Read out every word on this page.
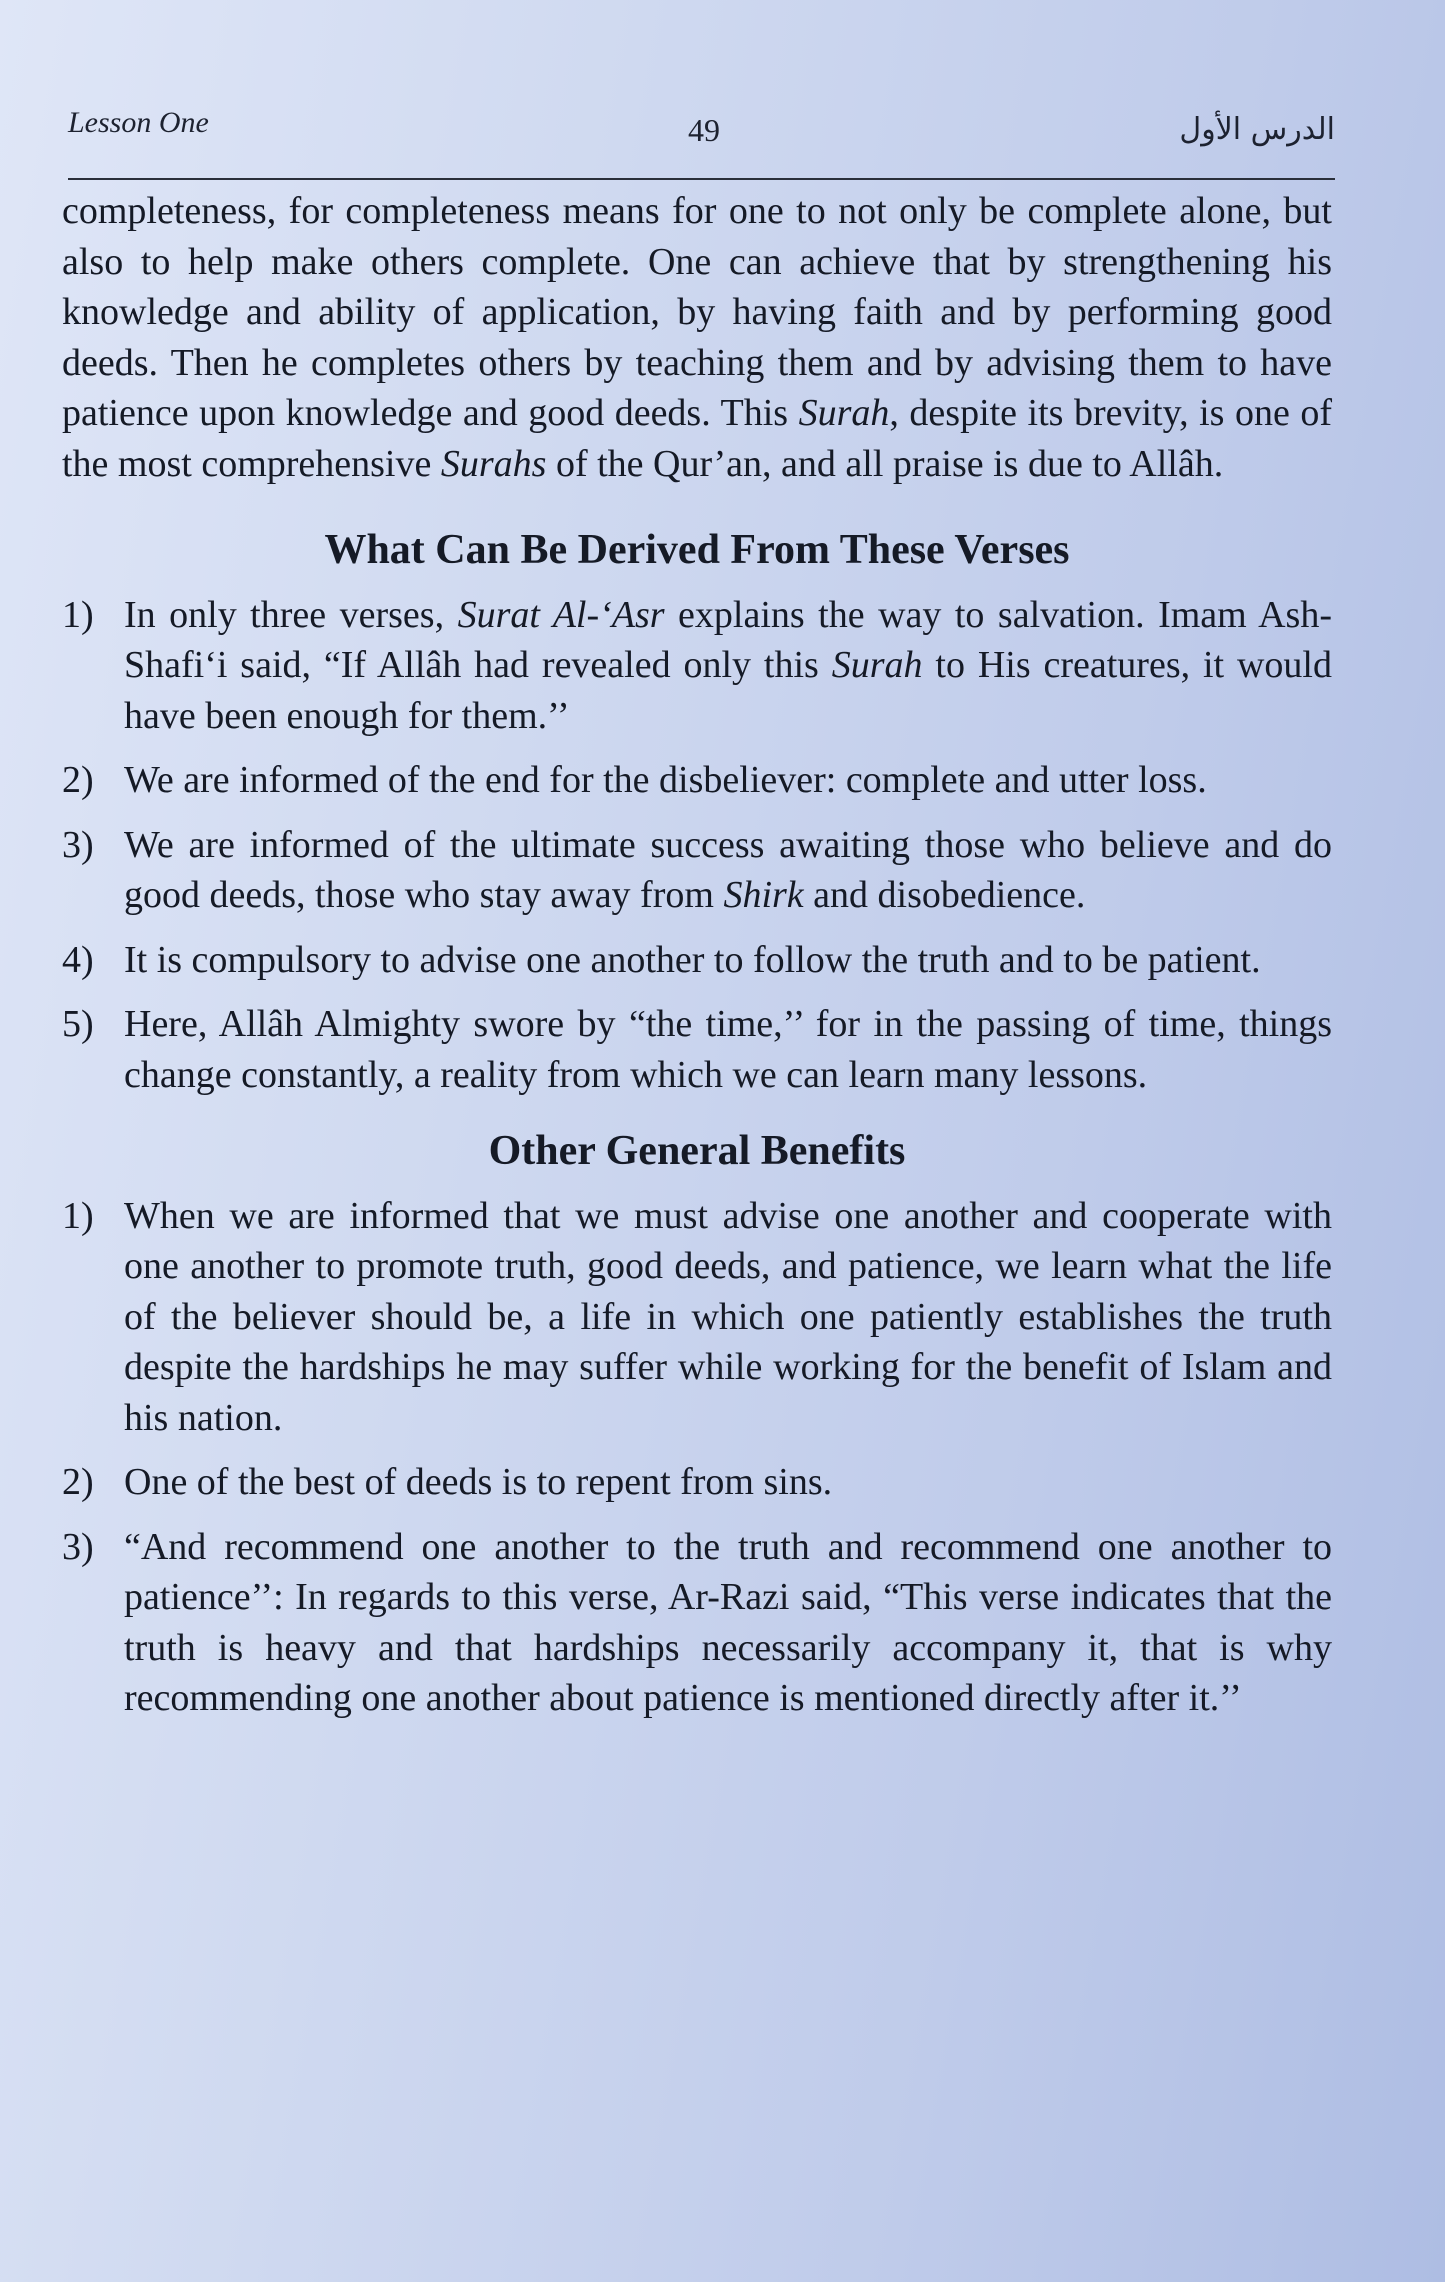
Lesson One	49	الدرس الأول

completeness, for completeness means for one to not only be complete alone, but also to help make others complete. One can achieve that by strengthening his knowledge and ability of application, by having faith and by performing good deeds. Then he completes others by teaching them and by advising them to have patience upon knowledge and good deeds. This Surah, despite its brevity, is one of the most comprehensive Surahs of the Qur’an, and all praise is due to Allâh.

What Can Be Derived From These Verses
1) In only three verses, Surat Al-‘Asr explains the way to salvation. Imam Ash-Shafi‘i said, “If Allâh had revealed only this Surah to His creatures, it would have been enough for them.’’
2) We are informed of the end for the disbeliever: complete and utter loss.
3) We are informed of the ultimate success awaiting those who believe and do good deeds, those who stay away from Shirk and disobedience.
4) It is compulsory to advise one another to follow the truth and to be patient.
5) Here, Allâh Almighty swore by “the time,’’ for in the passing of time, things change constantly, a reality from which we can learn many lessons.
Other General Benefits
1) When we are informed that we must advise one another and cooperate with one another to promote truth, good deeds, and patience, we learn what the life of the believer should be, a life in which one patiently establishes the truth despite the hardships he may suffer while working for the benefit of Islam and his nation.
2) One of the best of deeds is to repent from sins.
3) “And recommend one another to the truth and recommend one another to patience’’: In regards to this verse, Ar-Razi said, “This verse indicates that the truth is heavy and that hardships necessarily accompany it, that is why recommending one another about patience is mentioned directly after it.’’
